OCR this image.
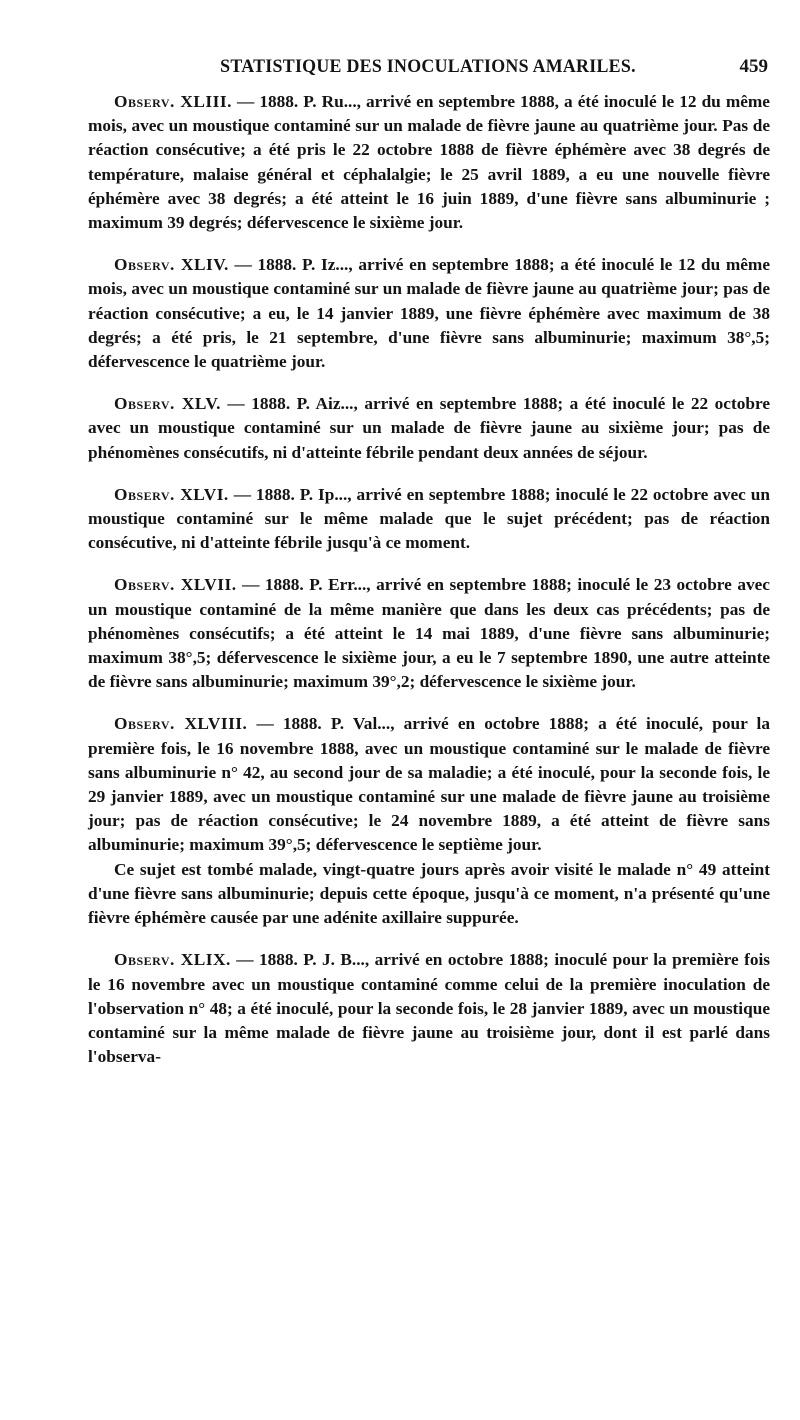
STATISTIQUE DES INOCULATIONS AMARILES.	459

Observ. XLIII. — 1888. P. Ru..., arrivé en septembre 1888, a été inoculé le 12 du même mois, avec un moustique contaminé sur un malade de fièvre jaune au quatrième jour. Pas de réaction consécutive; a été pris le 22 octobre 1888 de fièvre éphémère avec 38 degrés de température, malaise général et céphalalgie; le 25 avril 1889, a eu une nouvelle fièvre éphémère avec 38 degrés; a été atteint le 16 juin 1889, d'une fièvre sans albuminurie ; maximum 39 degrés; défervescence le sixième jour.

Observ. XLIV. — 1888. P. Iz..., arrivé en septembre 1888; a été inoculé le 12 du même mois, avec un moustique contaminé sur un malade de fièvre jaune au quatrième jour; pas de réaction consécutive; a eu, le 14 janvier 1889, une fièvre éphémère avec maximum de 38 degrés; a été pris, le 21 septembre, d'une fièvre sans albuminurie; maximum 38°,5; défervescence le quatrième jour.

Observ. XLV. — 1888. P. Aiz..., arrivé en septembre 1888; a été inoculé le 22 octobre avec un moustique contaminé sur un malade de fièvre jaune au sixième jour; pas de phénomènes consécutifs, ni d'atteinte fébrile pendant deux années de séjour.

Observ. XLVI. — 1888. P. Ip..., arrivé en septembre 1888; inoculé le 22 octobre avec un moustique contaminé sur le même malade que le sujet précédent; pas de réaction consécutive, ni d'atteinte fébrile jusqu'à ce moment.

Observ. XLVII. — 1888. P. Err..., arrivé en septembre 1888; inoculé le 23 octobre avec un moustique contaminé de la même manière que dans les deux cas précédents; pas de phénomènes consécutifs; a été atteint le 14 mai 1889, d'une fièvre sans albuminurie; maximum 38°,5; défervescence le sixième jour, a eu le 7 septembre 1890, une autre atteinte de fièvre sans albuminurie; maximum 39°,2; défervescence le sixième jour.

Observ. XLVIII. — 1888. P. Val..., arrivé en octobre 1888; a été inoculé, pour la première fois, le 16 novembre 1888, avec un moustique contaminé sur le malade de fièvre sans albuminurie n° 42, au second jour de sa maladie; a été inoculé, pour la seconde fois, le 29 janvier 1889, avec un moustique contaminé sur une malade de fièvre jaune au troisième jour; pas de réaction consécutive; le 24 novembre 1889, a été atteint de fièvre sans albuminurie; maximum 39°,5; défervescence le septième jour.

Ce sujet est tombé malade, vingt-quatre jours après avoir visité le malade n° 49 atteint d'une fièvre sans albuminurie; depuis cette époque, jusqu'à ce moment, n'a présenté qu'une fièvre éphémère causée par une adénite axillaire suppurée.

Observ. XLIX. — 1888. P. J. B..., arrivé en octobre 1888; inoculé pour la première fois le 16 novembre avec un moustique contaminé comme celui de la première inoculation de l'observation n° 48; a été inoculé, pour la seconde fois, le 28 janvier 1889, avec un moustique contaminé sur la même malade de fièvre jaune au troisième jour, dont il est parlé dans l'observa-
